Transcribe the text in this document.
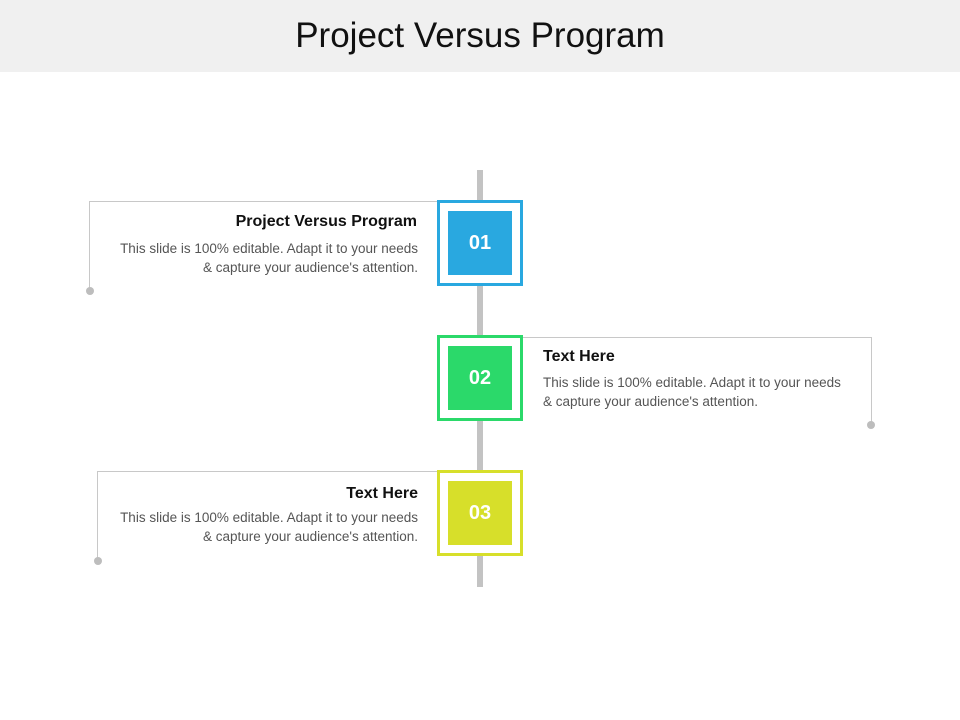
Project Versus Program
01
Project Versus Program
This slide is 100% editable. Adapt it to your needs & capture your audience's attention.
02
Text Here
This slide is 100% editable. Adapt it to your needs & capture your audience's attention.
03
Text Here
This slide is 100% editable. Adapt it to your needs & capture your audience's attention.
